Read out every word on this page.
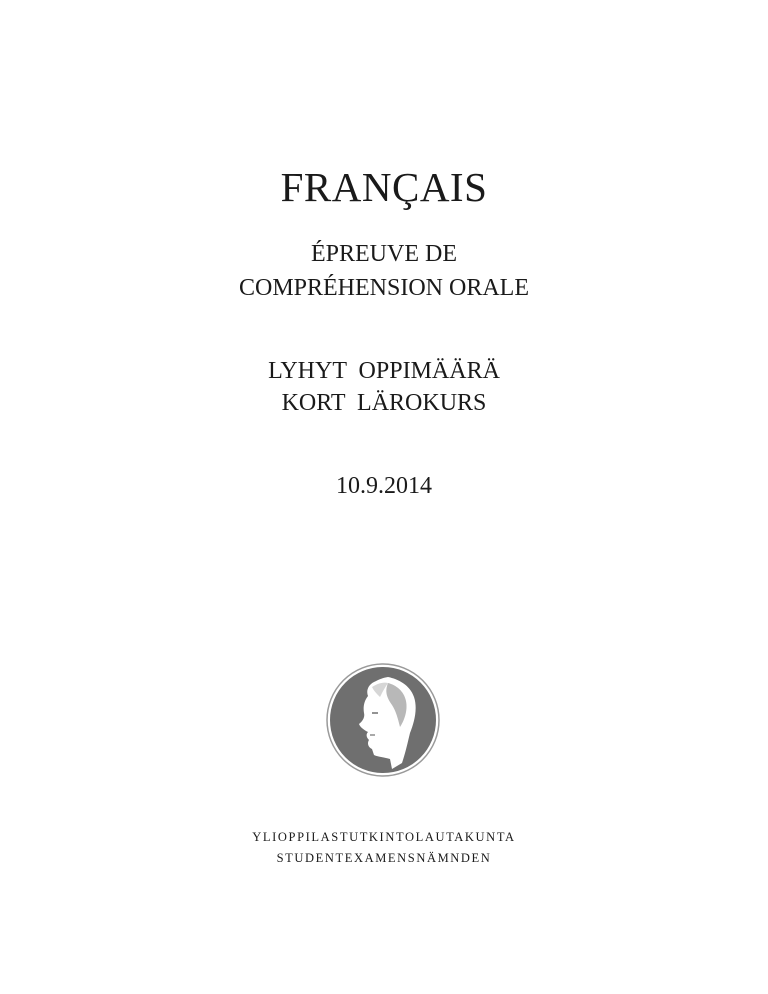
FRANÇAIS
ÉPREUVE DE
COMPRÉHENSION ORALE
LYHYT  OPPIMÄÄRÄ
KORT  LÄROKURS
10.9.2014
YLIOPPILASTUTKINTOLAUTAKUNTA
STUDENTEXAMENSNÄMNDEN
